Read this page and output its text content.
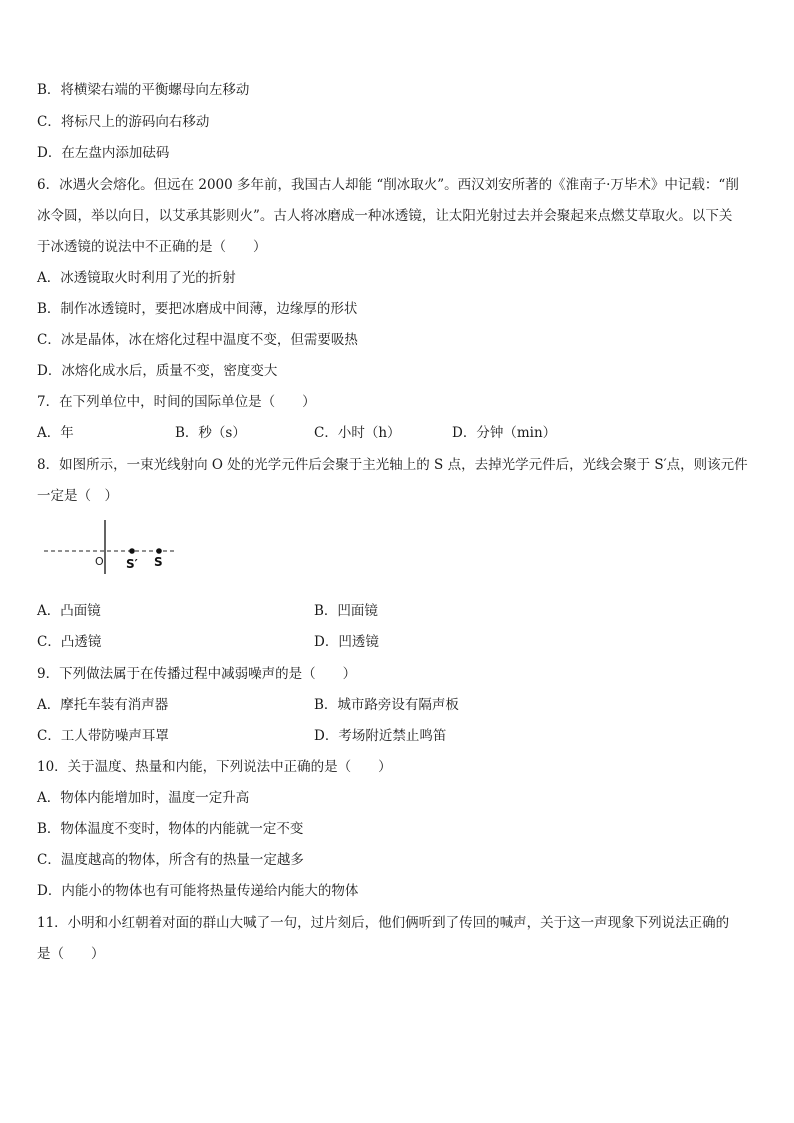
B．将横梁右端的平衡螺母向左移动
C．将标尺上的游码向右移动
D．在左盘内添加砝码
6．冰遇火会熔化。但远在 2000 多年前，我国古人却能 “削冰取火”。西汉刘安所著的《淮南子·万毕术》中记载：“削
冰令圆，举以向日，以艾承其影则火”。古人将冰磨成一种冰透镜，让太阳光射过去并会聚起来点燃艾草取火。以下关
于冰透镜的说法中不正确的是（　　）
A．冰透镜取火时利用了光的折射
B．制作冰透镜时，要把冰磨成中间薄，边缘厚的形状
C．冰是晶体，冰在熔化过程中温度不变，但需要吸热
D．冰熔化成水后，质量不变，密度变大
7．在下列单位中，时间的国际单位是（　　）
A．年	B．秒（s）	C．小时（h）	D．分钟（min）
8．如图所示，一束光线射向 O 处的光学元件后会聚于主光轴上的 S 点，去掉光学元件后，光线会聚于 S′点，则该元件
一定是（　）
O S′ S
A．凸面镜	B．凹面镜
C．凸透镜	D．凹透镜
9．下列做法属于在传播过程中减弱噪声的是（　　）
A．摩托车装有消声器	B．城市路旁设有隔声板
C．工人带防噪声耳罩	D．考场附近禁止鸣笛
10．关于温度、热量和内能，下列说法中正确的是（　　）
A．物体内能增加时，温度一定升高
B．物体温度不变时，物体的内能就一定不变
C．温度越高的物体，所含有的热量一定越多
D．内能小的物体也有可能将热量传递给内能大的物体
11．小明和小红朝着对面的群山大喊了一句，过片刻后，他们俩听到了传回的喊声，关于这一声现象下列说法正确的
是（　　）
